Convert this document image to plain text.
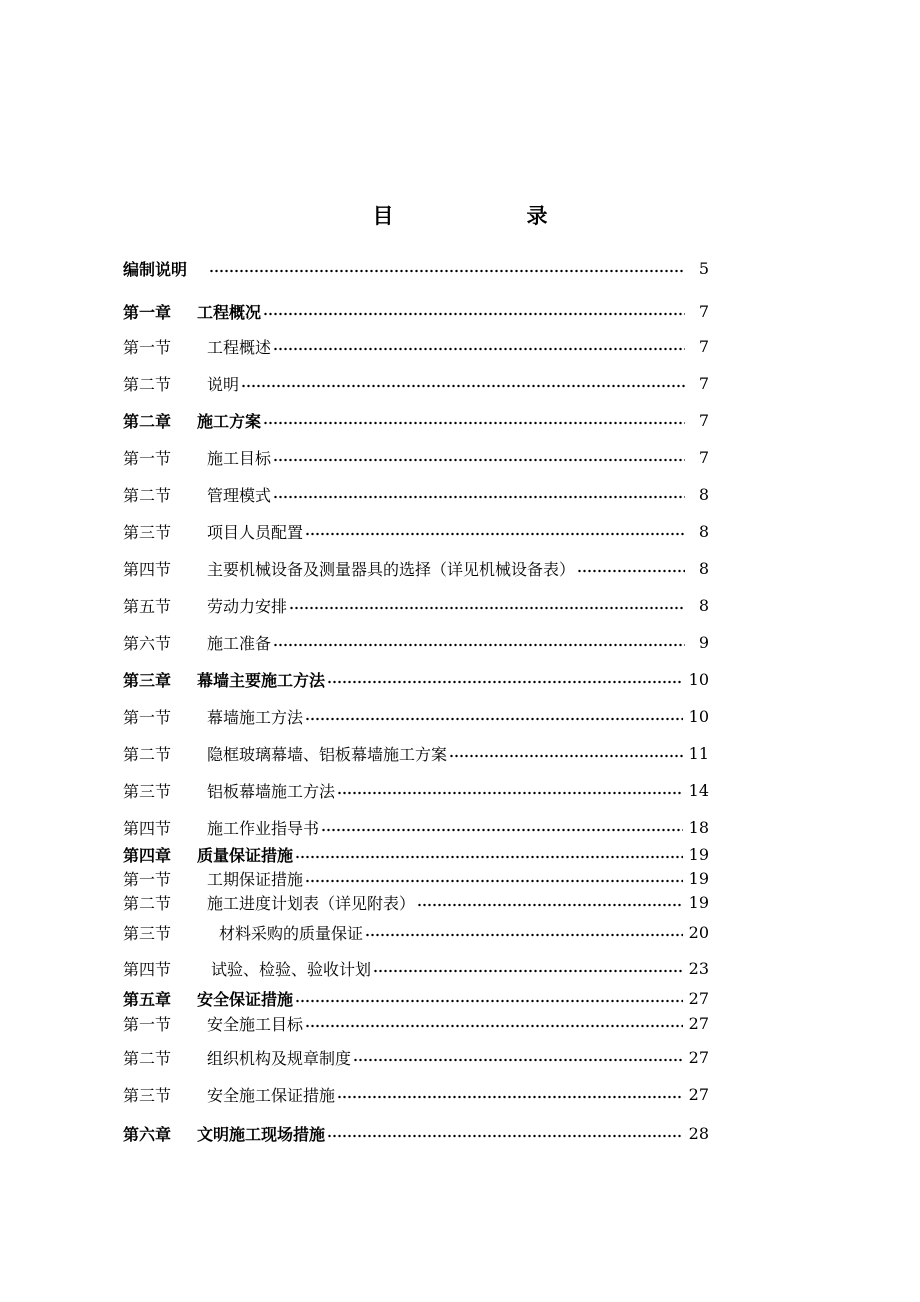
目　录
编制说明	5
第一章	工程概况	7
第一节	工程概述	7
第二节	说明	7
第二章	施工方案	7
第一节	施工目标	7
第二节	管理模式	8
第三节	项目人员配置	8
第四节	主要机械设备及测量器具的选择（详见机械设备表）	8
第五节	劳动力安排	8
第六节	施工准备	9
第三章	幕墙主要施工方法	10
第一节	幕墙施工方法	10
第二节	隐框玻璃幕墙、铝板幕墙施工方案	11
第三节	铝板幕墙施工方法	14
第四节	施工作业指导书	18
第四章	质量保证措施	19
第一节	工期保证措施	19
第二节	施工进度计划表（详见附表）	19
第三节	材料采购的质量保证	20
第四节	试验、检验、验收计划	23
第五章	安全保证措施	27
第一节	安全施工目标	27
第二节	组织机构及规章制度	27
第三节	安全施工保证措施	27
第六章	文明施工现场措施	28
